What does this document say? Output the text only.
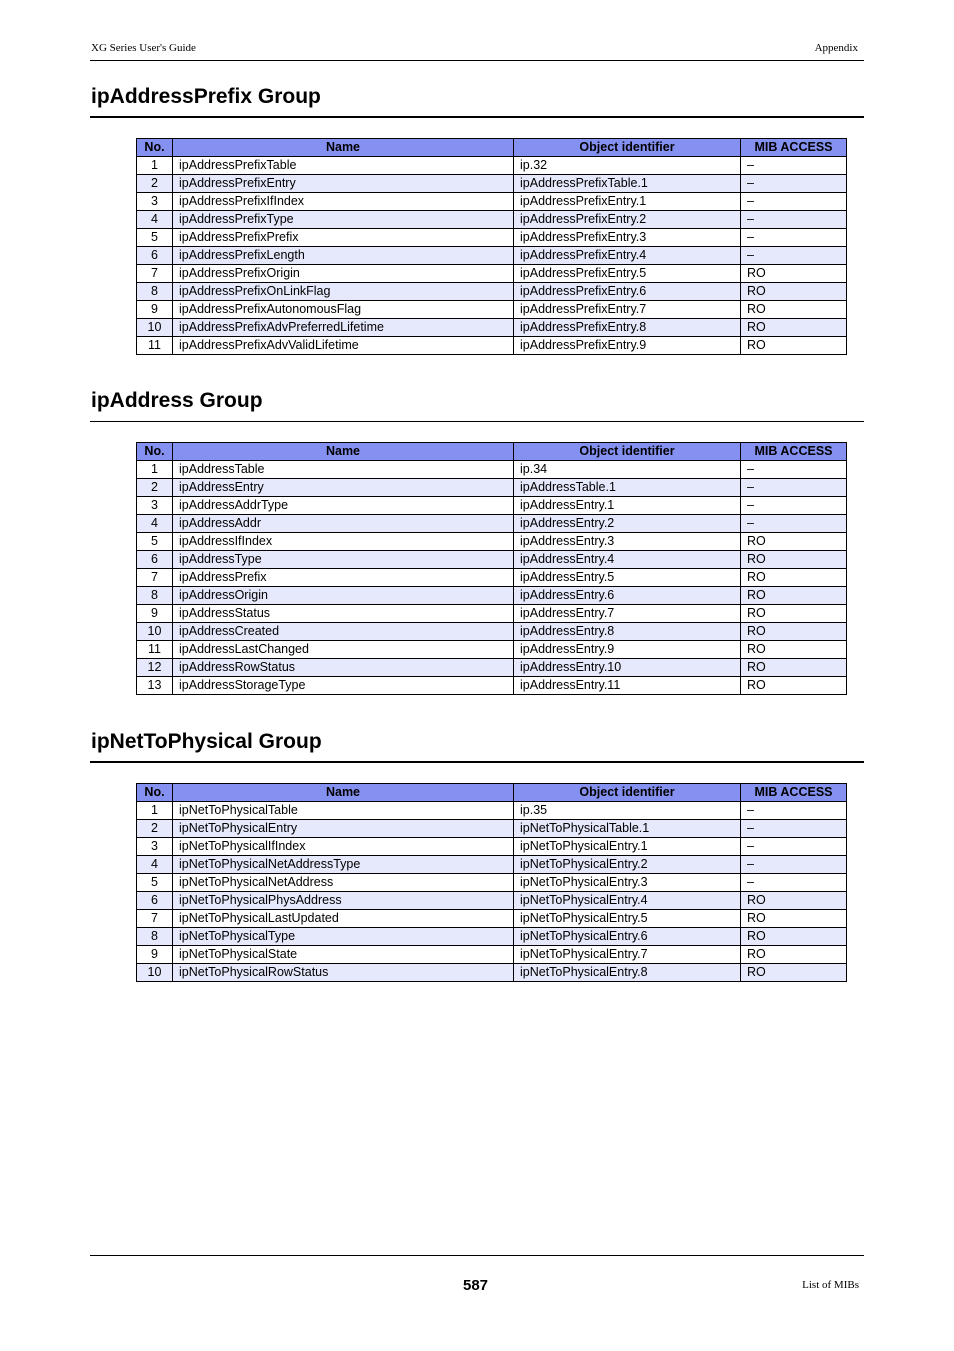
XG Series User's Guide	Appendix
ipAddressPrefix Group
No.	Name	Object identifier	MIB ACCESS
1	ipAddressPrefixTable	ip.32	–
2	ipAddressPrefixEntry	ipAddressPrefixTable.1	–
3	ipAddressPrefixIfIndex	ipAddressPrefixEntry.1	–
4	ipAddressPrefixType	ipAddressPrefixEntry.2	–
5	ipAddressPrefixPrefix	ipAddressPrefixEntry.3	–
6	ipAddressPrefixLength	ipAddressPrefixEntry.4	–
7	ipAddressPrefixOrigin	ipAddressPrefixEntry.5	RO
8	ipAddressPrefixOnLinkFlag	ipAddressPrefixEntry.6	RO
9	ipAddressPrefixAutonomousFlag	ipAddressPrefixEntry.7	RO
10	ipAddressPrefixAdvPreferredLifetime	ipAddressPrefixEntry.8	RO
11	ipAddressPrefixAdvValidLifetime	ipAddressPrefixEntry.9	RO
ipAddress Group
No.	Name	Object identifier	MIB ACCESS
1	ipAddressTable	ip.34	–
2	ipAddressEntry	ipAddressTable.1	–
3	ipAddressAddrType	ipAddressEntry.1	–
4	ipAddressAddr	ipAddressEntry.2	–
5	ipAddressIfIndex	ipAddressEntry.3	RO
6	ipAddressType	ipAddressEntry.4	RO
7	ipAddressPrefix	ipAddressEntry.5	RO
8	ipAddressOrigin	ipAddressEntry.6	RO
9	ipAddressStatus	ipAddressEntry.7	RO
10	ipAddressCreated	ipAddressEntry.8	RO
11	ipAddressLastChanged	ipAddressEntry.9	RO
12	ipAddressRowStatus	ipAddressEntry.10	RO
13	ipAddressStorageType	ipAddressEntry.11	RO
ipNetToPhysical Group
No.	Name	Object identifier	MIB ACCESS
1	ipNetToPhysicalTable	ip.35	–
2	ipNetToPhysicalEntry	ipNetToPhysicalTable.1	–
3	ipNetToPhysicalIfIndex	ipNetToPhysicalEntry.1	–
4	ipNetToPhysicalNetAddressType	ipNetToPhysicalEntry.2	–
5	ipNetToPhysicalNetAddress	ipNetToPhysicalEntry.3	–
6	ipNetToPhysicalPhysAddress	ipNetToPhysicalEntry.4	RO
7	ipNetToPhysicalLastUpdated	ipNetToPhysicalEntry.5	RO
8	ipNetToPhysicalType	ipNetToPhysicalEntry.6	RO
9	ipNetToPhysicalState	ipNetToPhysicalEntry.7	RO
10	ipNetToPhysicalRowStatus	ipNetToPhysicalEntry.8	RO
587	List of MIBs
